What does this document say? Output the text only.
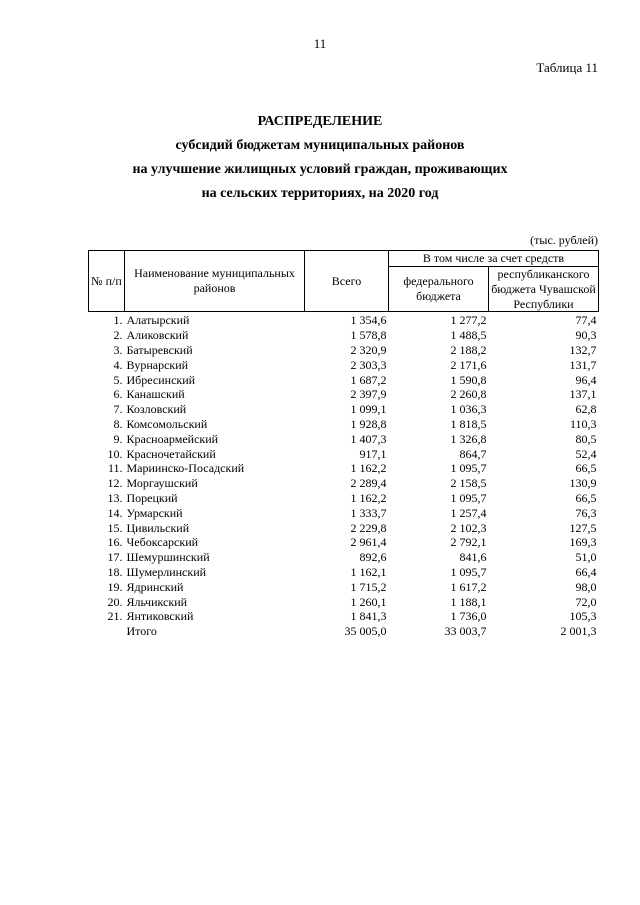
11
Таблица 11
РАСПРЕДЕЛЕНИЕ
субсидий бюджетам муниципальных районов
на улучшение жилищных условий граждан, проживающих
на сельских территориях, на 2020 год
(тыс. рублей)
№ п/п	Наименование муниципальных районов	Всего	В том числе за счет средств	
			федерального бюджета	республиканского бюджета Чувашской Республики
1.	Алатырский	1 354,6	1 277,2	77,4
2.	Аликовский	1 578,8	1 488,5	90,3
3.	Батыревский	2 320,9	2 188,2	132,7
4.	Вурнарский	2 303,3	2 171,6	131,7
5.	Ибресинский	1 687,2	1 590,8	96,4
6.	Канашский	2 397,9	2 260,8	137,1
7.	Козловский	1 099,1	1 036,3	62,8
8.	Комсомольский	1 928,8	1 818,5	110,3
9.	Красноармейский	1 407,3	1 326,8	80,5
10.	Красночетайский	917,1	864,7	52,4
11.	Мариинско-Посадский	1 162,2	1 095,7	66,5
12.	Моргаушский	2 289,4	2 158,5	130,9
13.	Порецкий	1 162,2	1 095,7	66,5
14.	Урмарский	1 333,7	1 257,4	76,3
15.	Цивильский	2 229,8	2 102,3	127,5
16.	Чебоксарский	2 961,4	2 792,1	169,3
17.	Шемуршинский	892,6	841,6	51,0
18.	Шумерлинский	1 162,1	1 095,7	66,4
19.	Ядринский	1 715,2	1 617,2	98,0
20.	Яльчикский	1 260,1	1 188,1	72,0
21.	Янтиковский	1 841,3	1 736,0	105,3
	Итого	35 005,0	33 003,7	2 001,3
